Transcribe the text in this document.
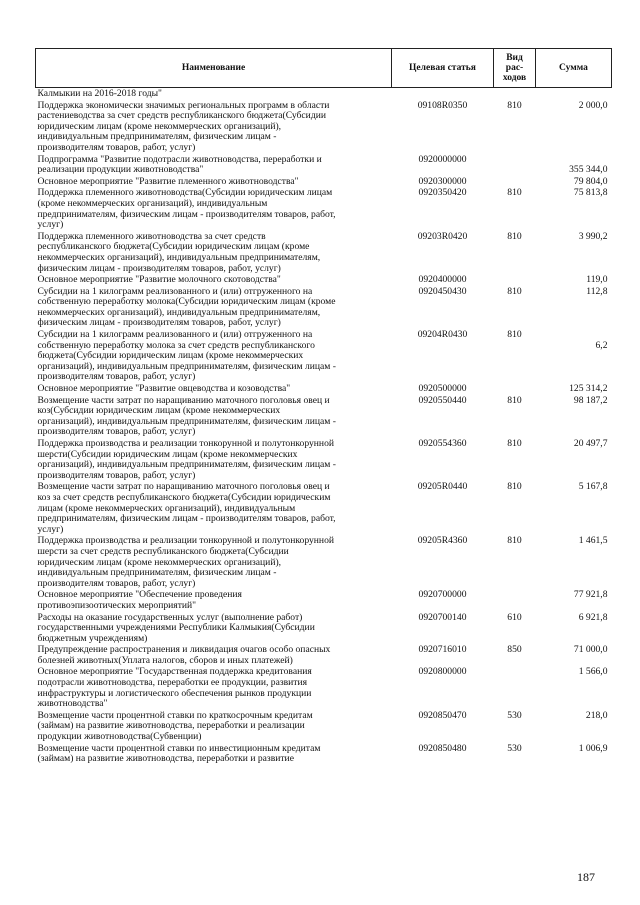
Наименование	Целевая статья	Вид
рас-
ходов	Сумма

Калмыкии на 2016-2018 годы"			

Поддержка экономически значимых региональных программ в области
растениеводства за счет средств республиканского бюджета(Субсидии
юридическим лицам (кроме некоммерческих организаций),
индивидуальным предпринимателям, физическим лицам -
производителям товаров, работ, услуг)	09108R0350	810	2 000,0

Подпрограмма "Развитие подотрасли животноводства, переработки и
реализации продукции животноводства"	0920000000		355 344,0

Основное мероприятие "Развитие племенного животноводства"	0920300000		79 804,0

Поддержка племенного животноводства(Субсидии юридическим лицам
(кроме некоммерческих организаций), индивидуальным
предпринимателям, физическим лицам - производителям товаров, работ,
услуг)	0920350420	810	75 813,8

Поддержка племенного животноводства за счет средств
республиканского бюджета(Субсидии юридическим лицам (кроме
некоммерческих организаций), индивидуальным предпринимателям,
физическим лицам - производителям товаров, работ, услуг)	09203R0420	810	3 990,2

Основное мероприятие "Развитие молочного скотоводства"	0920400000		119,0

Субсидии на 1 килограмм реализованного и (или) отгруженного на
собственную переработку молока(Субсидии юридическим лицам (кроме
некоммерческих организаций), индивидуальным предпринимателям,
физическим лицам - производителям товаров, работ, услуг)	0920450430	810	112,8

Субсидии на 1 килограмм реализованного и (или) отгруженного на
собственную переработку молока за счет средств республиканского
бюджета(Субсидии юридическим лицам (кроме некоммерческих
организаций), индивидуальным предпринимателям, физическим лицам -
производителям товаров, работ, услуг)	09204R0430	810	6,2

Основное мероприятие "Развитие овцеводства и козоводства"	0920500000		125 314,2

Возмещение части затрат по наращиванию маточного поголовья овец и
коз(Субсидии юридическим лицам (кроме некоммерческих
организаций), индивидуальным предпринимателям, физическим лицам -
производителям товаров, работ, услуг)	0920550440	810	98 187,2

Поддержка производства и реализации тонкорунной и полутонкорунной
шерсти(Субсидии юридическим лицам (кроме некоммерческих
организаций), индивидуальным предпринимателям, физическим лицам -
производителям товаров, работ, услуг)	0920554360	810	20 497,7

Возмещение части затрат по наращиванию маточного поголовья овец и
коз за счет средств республиканского бюджета(Субсидии юридическим
лицам (кроме некоммерческих организаций), индивидуальным
предпринимателям, физическим лицам - производителям товаров, работ,
услуг)	09205R0440	810	5 167,8

Поддержка производства и реализации тонкорунной и полутонкорунной
шерсти за счет средств республиканского бюджета(Субсидии
юридическим лицам (кроме некоммерческих организаций),
индивидуальным предпринимателям, физическим лицам -
производителям товаров, работ, услуг)	09205R4360	810	1 461,5

Основное мероприятие "Обеспечение проведения
противоэпизоотических мероприятий"	0920700000		77 921,8

Расходы на оказание государственных услуг (выполнение работ)
государственными учреждениями Республики Калмыкия(Субсидии
бюджетным учреждениям)	0920700140	610	6 921,8

Предупреждение распространения и ликвидация очагов особо опасных
болезней животных(Уплата налогов, сборов и иных платежей)	0920716010	850	71 000,0

Основное мероприятие "Государственная поддержка кредитования
подотрасли животноводства, переработки ее продукции, развития
инфраструктуры и логистического обеспечения рынков продукции
животноводства"	0920800000		1 566,0

Возмещение части процентной ставки по краткосрочным кредитам
(займам) на развитие животноводства, переработки и реализации
продукции животноводства(Субвенции)	0920850470	530	218,0

Возмещение части процентной ставки по инвестиционным кредитам
(займам) на развитие животноводства, переработки и развитие	0920850480	530	1 006,9
187
